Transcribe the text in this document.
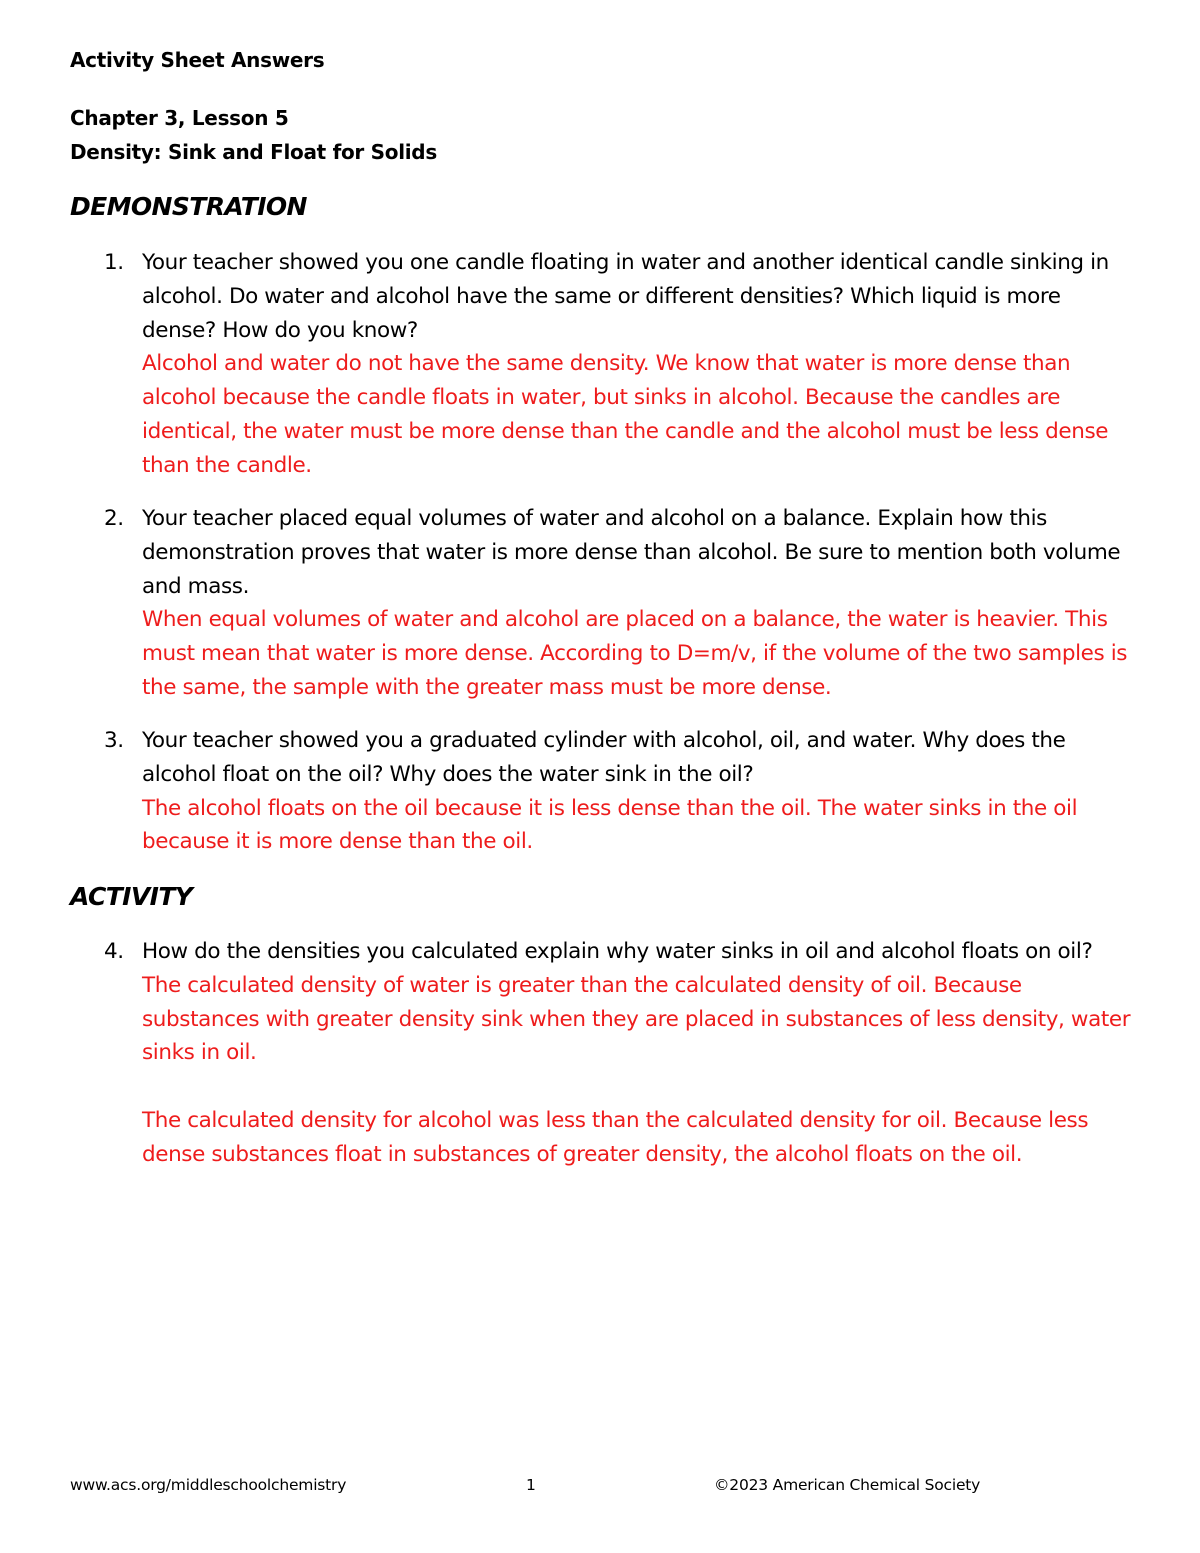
Activity Sheet Answers
Chapter 3, Lesson 5
Density: Sink and Float for Solids
DEMONSTRATION
1. Your teacher showed you one candle floating in water and another identical candle sinking in alcohol. Do water and alcohol have the same or different densities? Which liquid is more dense? How do you know?

Alcohol and water do not have the same density. We know that water is more dense than alcohol because the candle floats in water, but sinks in alcohol. Because the candles are identical, the water must be more dense than the candle and the alcohol must be less dense than the candle.

2. Your teacher placed equal volumes of water and alcohol on a balance. Explain how this demonstration proves that water is more dense than alcohol. Be sure to mention both volume and mass.

When equal volumes of water and alcohol are placed on a balance, the water is heavier. This must mean that water is more dense. According to D=m/v, if the volume of the two samples is the same, the sample with the greater mass must be more dense.

3. Your teacher showed you a graduated cylinder with alcohol, oil, and water. Why does the alcohol float on the oil? Why does the water sink in the oil?

The alcohol floats on the oil because it is less dense than the oil. The water sinks in the oil because it is more dense than the oil.

ACTIVITY
4. How do the densities you calculated explain why water sinks in oil and alcohol floats on oil?

The calculated density of water is greater than the calculated density of oil. Because substances with greater density sink when they are placed in substances of less density, water sinks in oil.

The calculated density for alcohol was less than the calculated density for oil. Because less dense substances float in substances of greater density, the alcohol floats on the oil.

www.acs.org/middleschoolchemistry	1	©2023 American Chemical Society
